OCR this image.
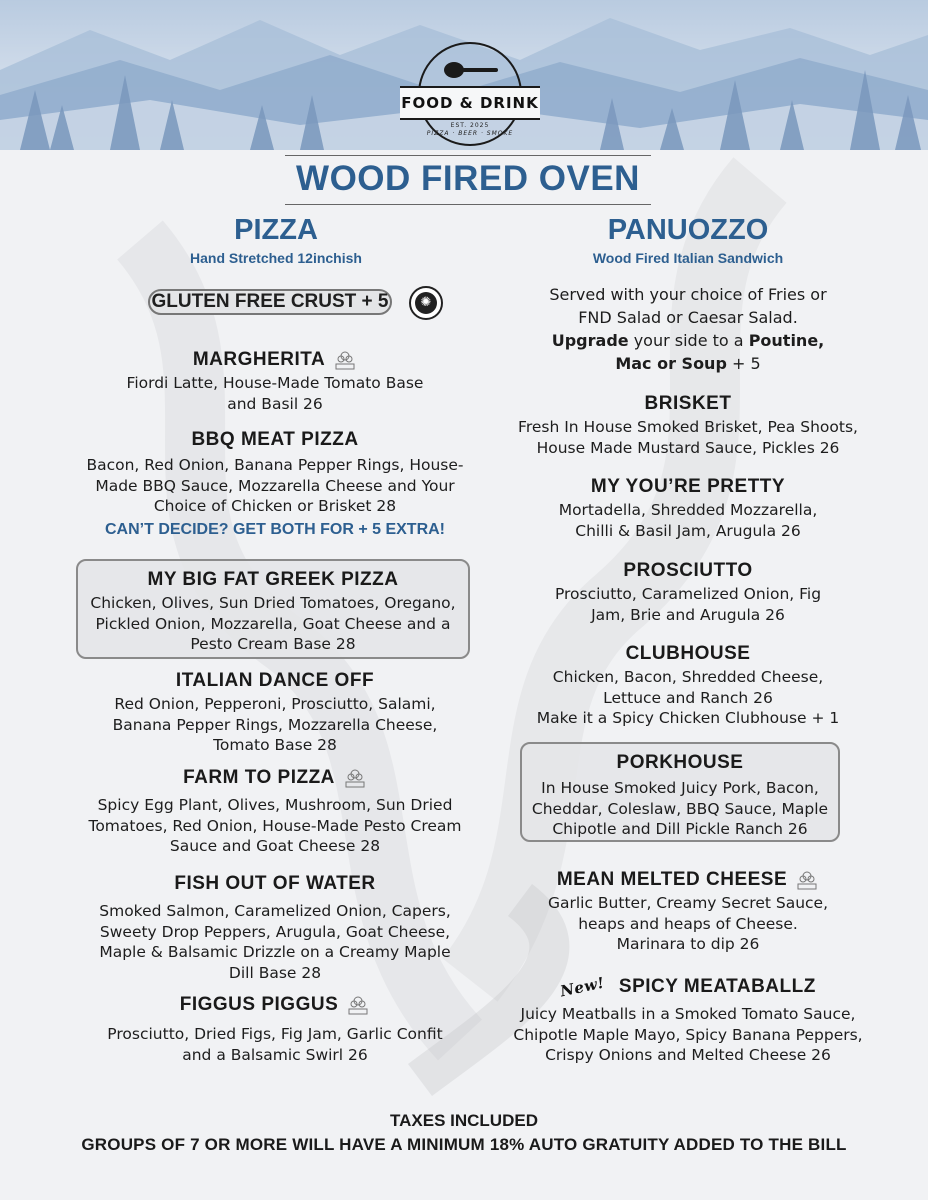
FOOD & DRINK
EST. 2025
PIZZA · BEER · SMOKE
WOOD FIRED OVEN
PIZZA
Hand Stretched 12inchish
PANUOZZO
Wood Fired Italian Sandwich
GLUTEN FREE CRUST + 5	✺
MARGHERITA
Fiordi Latte, House-Made Tomato Base and Basil 26
BBQ MEAT PIZZA
Bacon, Red Onion, Banana Pepper Rings, House-Made BBQ Sauce, Mozzarella Cheese and Your Choice of Chicken or Brisket 28
CAN’T DECIDE? GET BOTH FOR + 5 EXTRA!
MY BIG FAT GREEK PIZZA
Chicken, Olives, Sun Dried Tomatoes, Oregano, Pickled Onion, Mozzarella, Goat Cheese and a Pesto Cream Base 28
ITALIAN DANCE OFF
Red Onion, Pepperoni, Prosciutto, Salami, Banana Pepper Rings, Mozzarella Cheese, Tomato Base 28
FARM TO PIZZA
Spicy Egg Plant, Olives, Mushroom, Sun Dried Tomatoes, Red Onion, House-Made Pesto Cream Sauce and Goat Cheese 28
FISH OUT OF WATER
Smoked Salmon, Caramelized Onion, Capers, Sweety Drop Peppers, Arugula, Goat Cheese, Maple & Balsamic Drizzle on a Creamy Maple Dill Base 28
FIGGUS PIGGUS
Prosciutto, Dried Figs, Fig Jam, Garlic Confit and a Balsamic Swirl 26
Served with your choice of Fries or
FND Salad or Caesar Salad.
Upgrade your side to a Poutine, Mac or Soup + 5
BRISKET
Fresh In House Smoked Brisket, Pea Shoots, House Made Mustard Sauce, Pickles 26
MY YOU’RE PRETTY
Mortadella, Shredded Mozzarella, Chilli & Basil Jam, Arugula 26
PROSCIUTTO
Prosciutto, Caramelized Onion, Fig Jam, Brie and Arugula 26
CLUBHOUSE
Chicken, Bacon, Shredded Cheese, Lettuce and Ranch 26
Make it a Spicy Chicken Clubhouse + 1
PORKHOUSE
In House Smoked Juicy Pork, Bacon, Cheddar, Coleslaw, BBQ Sauce, Maple Chipotle and Dill Pickle Ranch 26
MEAN MELTED CHEESE
Garlic Butter, Creamy Secret Sauce, heaps and heaps of Cheese.
Marinara to dip 26
New! SPICY MEATABALLZ
Juicy Meatballs in a Smoked Tomato Sauce, Chipotle Maple Mayo, Spicy Banana Peppers, Crispy Onions and Melted Cheese 26
TAXES INCLUDED
GROUPS OF 7 OR MORE WILL HAVE A MINIMUM 18% AUTO GRATUITY ADDED TO THE BILL
